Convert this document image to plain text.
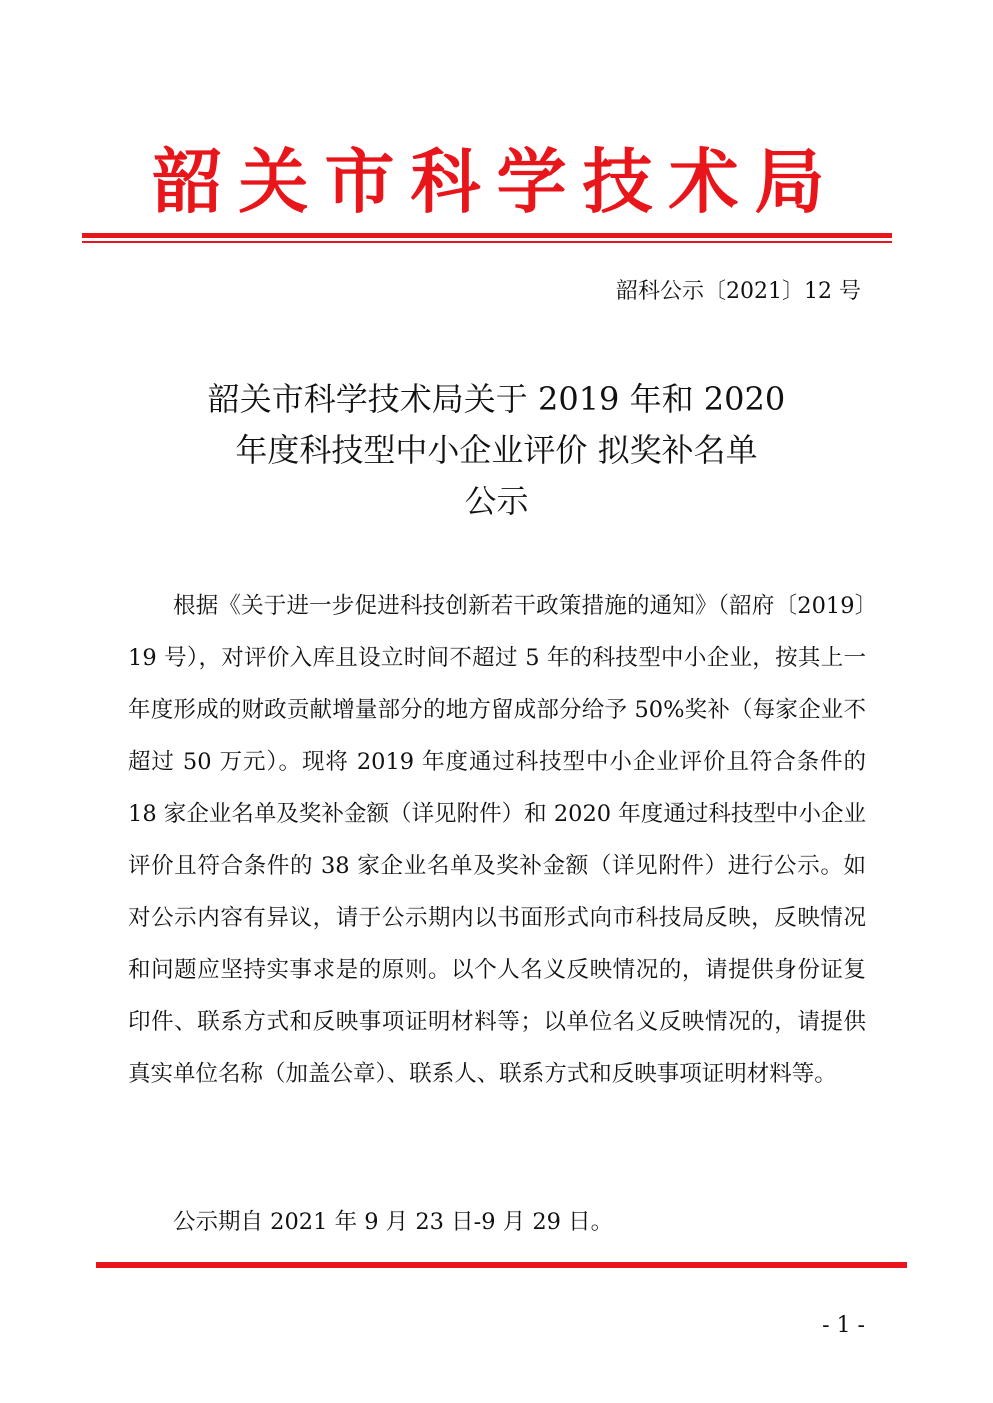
韶关市科学技术局
韶科公示〔2021〕12 号
韶关市科学技术局关于 2019 年和 2020
年度科技型中小企业评价 拟奖补名单
公示

根据《关于进一步促进科技创新若干政策措施的通知》（韶府〔2019〕19 号），对评价入库且设立时间不超过 5 年的科技型中小企业，按其上一年度形成的财政贡献增量部分的地方留成部分给予 50%奖补（每家企业不超过 50 万元）。现将 2019 年度通过科技型中小企业评价且符合条件的 18 家企业名单及奖补金额（详见附件）和 2020 年度通过科技型中小企业评价且符合条件的 38 家企业名单及奖补金额（详见附件）进行公示。如对公示内容有异议，请于公示期内以书面形式向市科技局反映，反映情况和问题应坚持实事求是的原则。以个人名义反映情况的，请提供身份证复印件、联系方式和反映事项证明材料等；以单位名义反映情况的，请提供真实单位名称（加盖公章）、联系人、联系方式和反映事项证明材料等。

公示期自 2021 年 9 月 23 日-9 月 29 日。

- 1 -
